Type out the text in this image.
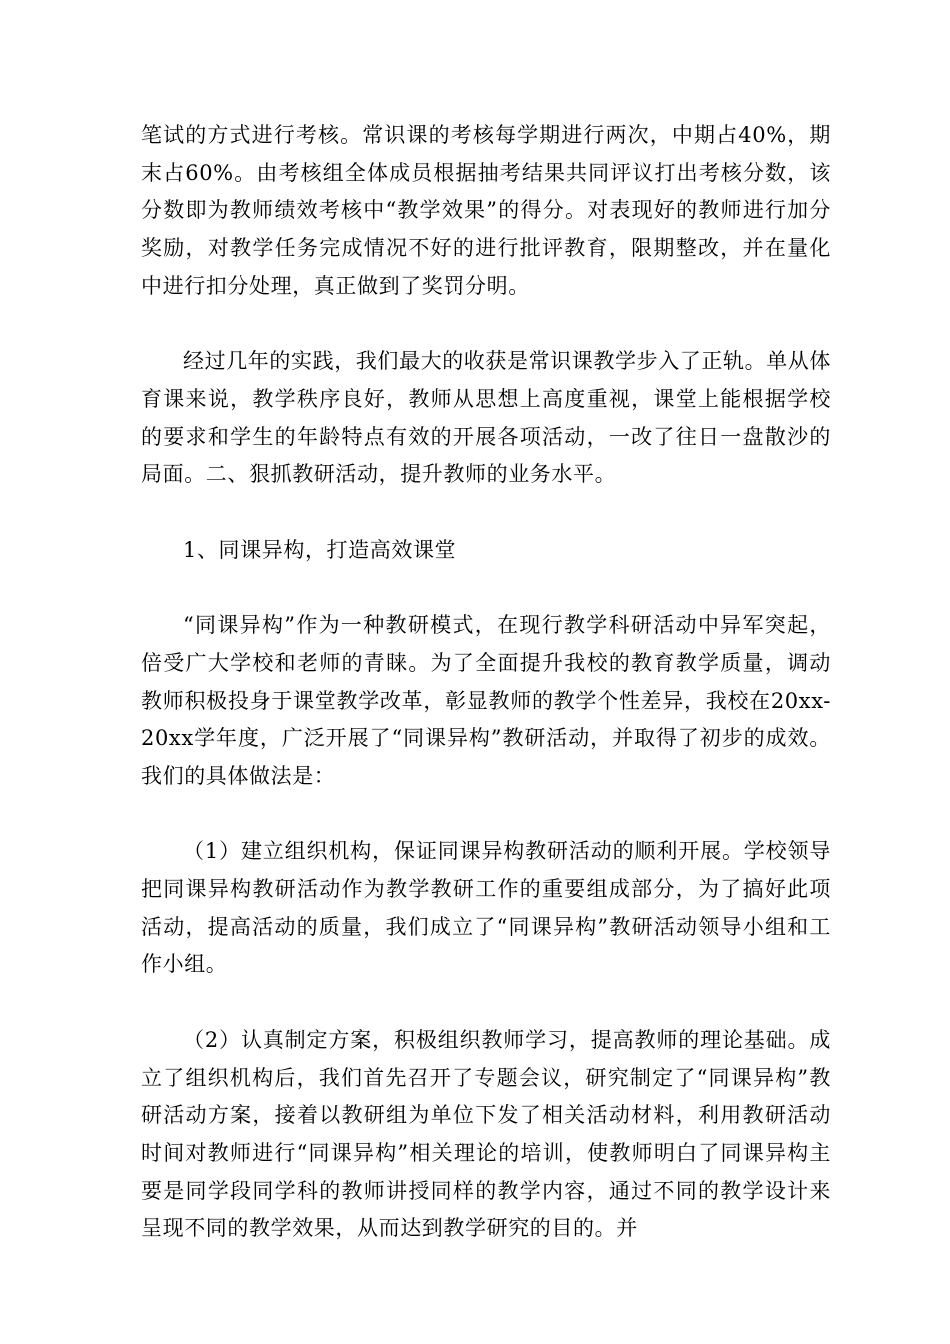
笔试的方式进行考核。常识课的考核每学期进行两次，中期占40%，期末占60%。由考核组全体成员根据抽考结果共同评议打出考核分数，该分数即为教师绩效考核中“教学效果”的得分。对表现好的教师进行加分奖励，对教学任务完成情况不好的进行批评教育，限期整改，并在量化中进行扣分处理，真正做到了奖罚分明。

经过几年的实践，我们最大的收获是常识课教学步入了正轨。单从体育课来说，教学秩序良好，教师从思想上高度重视，课堂上能根据学校的要求和学生的年龄特点有效的开展各项活动，一改了往日一盘散沙的局面。二、狠抓教研活动，提升教师的业务水平。

1、同课异构，打造高效课堂

“同课异构”作为一种教研模式，在现行教学科研活动中异军突起，倍受广大学校和老师的青睐。为了全面提升我校的教育教学质量，调动教师积极投身于课堂教学改革，彰显教师的教学个性差异，我校在20xx-20xx学年度，广泛开展了“同课异构”教研活动，并取得了初步的成效。我们的具体做法是：

（1）建立组织机构，保证同课异构教研活动的顺利开展。学校领导把同课异构教研活动作为教学教研工作的重要组成部分，为了搞好此项活动，提高活动的质量，我们成立了“同课异构”教研活动领导小组和工作小组。

（2）认真制定方案，积极组织教师学习，提高教师的理论基础。成立了组织机构后，我们首先召开了专题会议，研究制定了“同课异构”教研活动方案，接着以教研组为单位下发了相关活动材料，利用教研活动时间对教师进行“同课异构”相关理论的培训，使教师明白了同课异构主要是同学段同学科的教师讲授同样的教学内容，通过不同的教学设计来呈现不同的教学效果，从而达到教学研究的目的。并
